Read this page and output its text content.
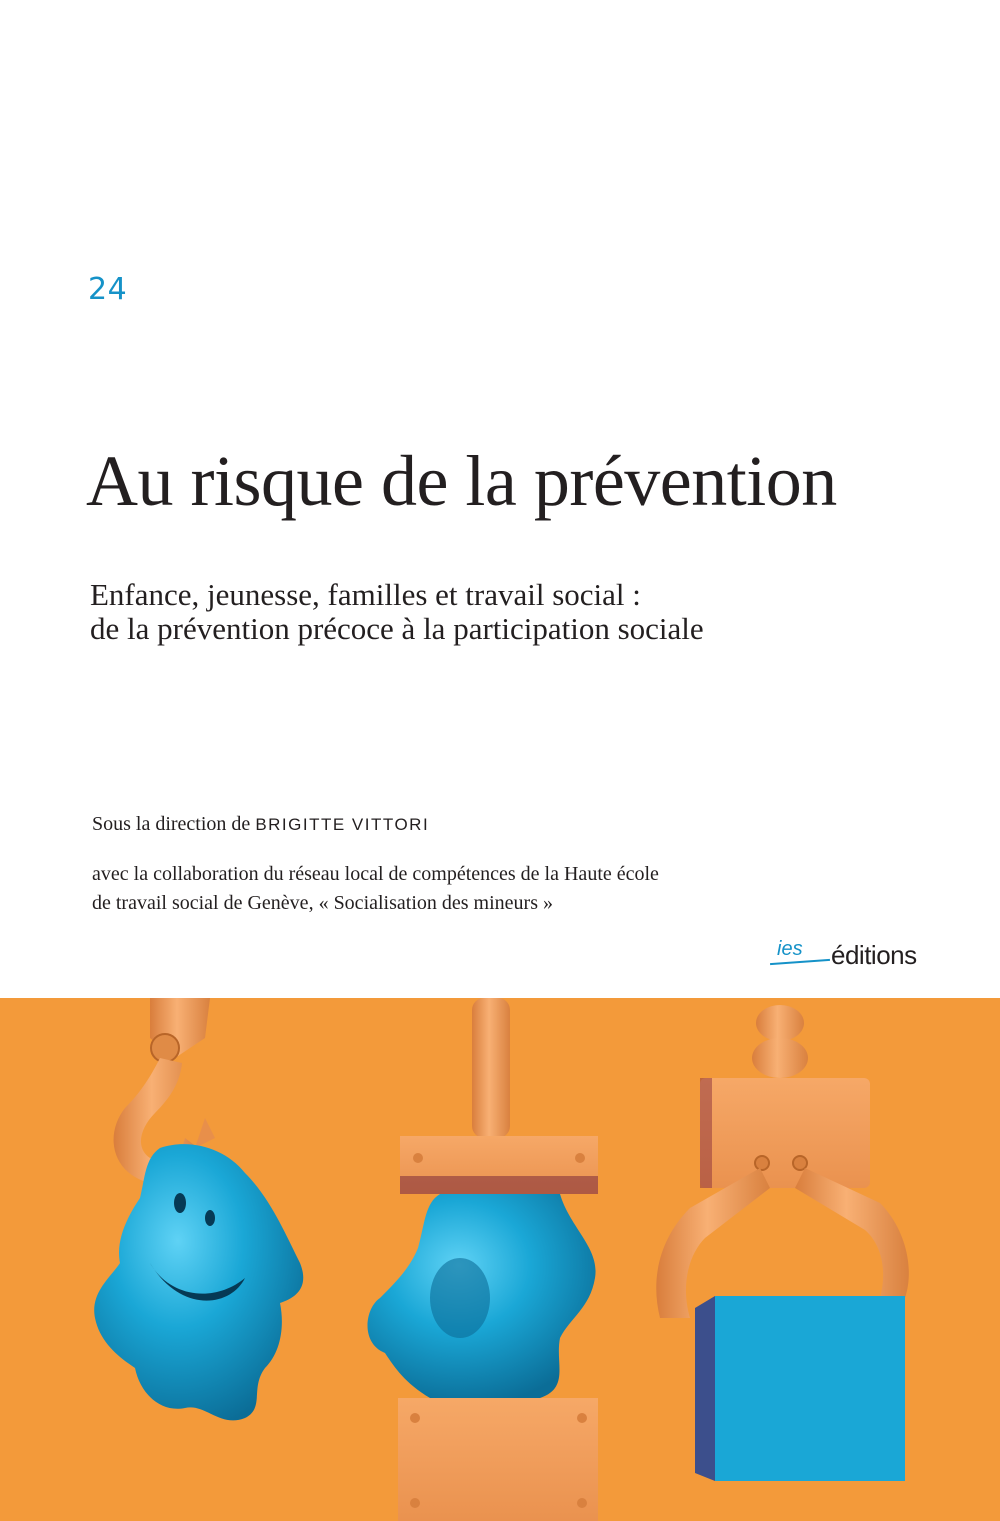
24
Au risque de la prévention
Enfance, jeunesse, familles et travail social :
de la prévention précoce à la participation sociale
Sous la direction de BRIGITTE VITTORI
avec la collaboration du réseau local de compétences de la Haute école
de travail social de Genève, « Socialisation des mineurs »
ies éditions
